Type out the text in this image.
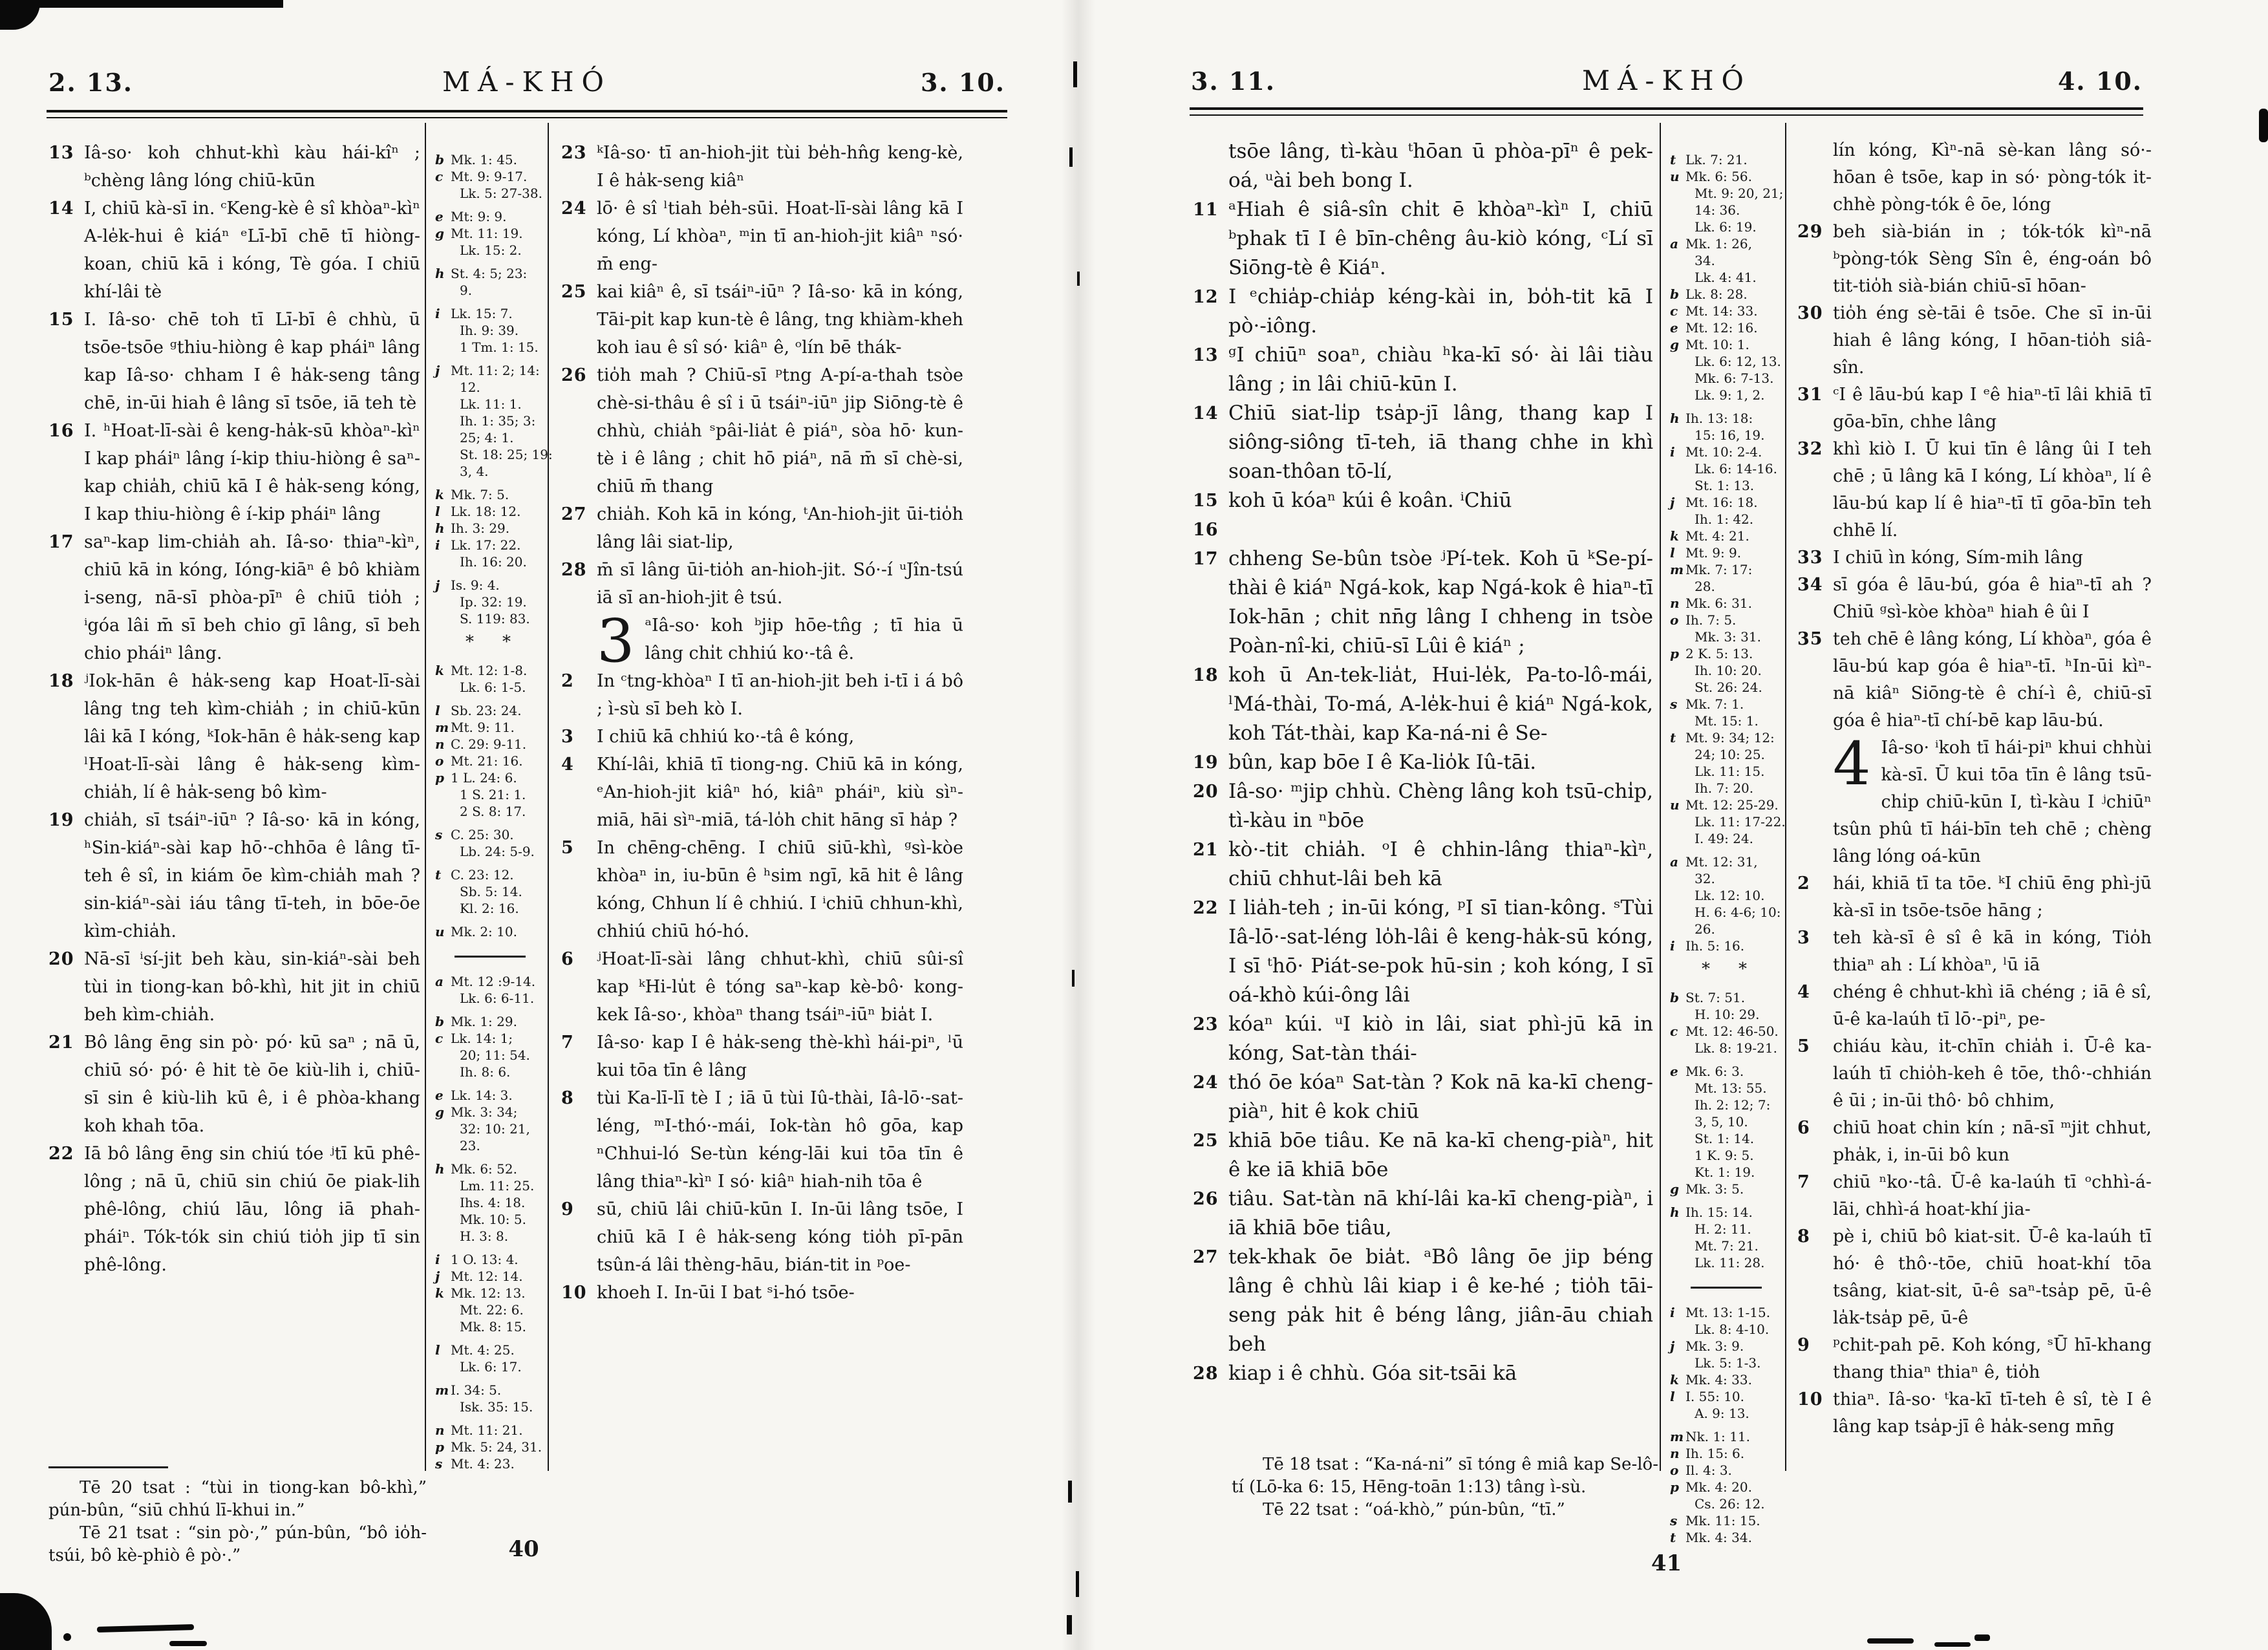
2. 13.	MÁ-KHÓ	3. 10.
13 Iâ-so· koh chhut-khì kàu hái-kîⁿ ; ᵇchèng lâng lóng chiū-kūn
14 I, chiū kà-sī in. ᶜKeng-kè ê sî khòaⁿ-kìⁿ A-le̍k-hui ê kiáⁿ ᵉLī-bī chē tī hiòng-koan, chiū kā i kóng, Tè góa. I chiū khí-lâi tè
15 I. Iâ-so· chē toh tī Lī-bī ê chhù, ū tsōe-tsōe ᵍthiu-hiòng ê kap pháiⁿ lâng kap Iâ-so· chham I ê ha̍k-seng tâng chē, in-ūi hiah ê lâng sī tsōe, iā teh tè
16 I. ʰHoat-lī-sài ê keng-ha̍k-sū khòaⁿ-kìⁿ I kap pháiⁿ lâng í-kip thiu-hiòng ê saⁿ-kap chia̍h, chiū kā I ê ha̍k-seng kóng, I kap thiu-hiòng ê í-kip pháiⁿ lâng
17 saⁿ-kap lim-chia̍h ah. Iâ-so· thiaⁿ-kìⁿ, chiū kā in kóng, Ióng-kiāⁿ ê bô khiàm i-seng, nā-sī phòa-pīⁿ ê chiū tio̍h ; ⁱgóa lâi m̄ sī beh chio gī lâng, sī beh chio pháiⁿ lâng.
18 ʲIok-hān ê ha̍k-seng kap Hoat-lī-sài lâng tng teh kìm-chia̍h ; in chiū-kūn lâi kā I kóng, ᵏIok-hān ê ha̍k-seng kap ˡHoat-lī-sài lâng ê ha̍k-seng kìm-chia̍h, lí ê ha̍k-seng bô kìm-
19 chia̍h, sī tsáiⁿ-iūⁿ ? Iâ-so· kā in kóng, ʰSin-kiáⁿ-sài kap hō·-chhōa ê lâng tī-teh ê sî, in kiám ōe kìm-chia̍h mah ? sin-kiáⁿ-sài iáu tâng tī-teh, in bōe-ōe kìm-chia̍h.
20 Nā-sī ⁱsí-jit beh kàu, sin-kiáⁿ-sài beh tùi in tiong-kan bô-khì, hit jit in chiū beh kìm-chia̍h.
21 Bô lâng ēng sin pò· pó· kū saⁿ ; nā ū, chiū só· pó· ê hit tè ōe kiù-lih i, chiū-sī sin ê kiù-lih kū ê, i ê phòa-khang koh khah tōa.
22 Iā bô lâng ēng sin chiú tóe ʲtī kū phê-lông ; nā ū, chiū sin chiú ōe piak-lih phê-lông, chiú lāu, lông iā phah-pháiⁿ. Tók-tók sin chiú tio̍h jip tī sin phê-lông.
b Mk. 1: 45.
c Mt. 9: 9-17.
Lk. 5: 27-38.
e Mt: 9: 9.
g Mt. 11: 19.
Lk. 15: 2.
h St. 4: 5; 23:
9.
i Lk. 15: 7.
Ih. 9: 39.
1 Tm. 1: 15.
j Mt. 11: 2; 14:
12.
Lk. 11: 1.
Ih. 1: 35; 3:
25; 4: 1.
St. 18: 25; 19:
3, 4.
k Mk. 7: 5.
l Lk. 18: 12.
h Ih. 3: 29.
i Lk. 17: 22.
Ih. 16: 20.
j Is. 9: 4.
Ip. 32: 19.
S. 119: 83.
*  *
k Mt. 12: 1-8.
Lk. 6: 1-5.
l Sb. 23: 24.
m Mt. 9: 11.
n C. 29: 9-11.
o Mt. 21: 16.
p 1 L. 24: 6.
1 S. 21: 1.
2 S. 8: 17.
s C. 25: 30.
Lb. 24: 5-9.
t C. 23: 12.
Sb. 5: 14.
Kl. 2: 16.
u Mk. 2: 10.
a Mt. 12 :9-14.
Lk. 6: 6-11.
b Mk. 1: 29.
c Lk. 14: 1;
20; 11: 54.
Ih. 8: 6.
e Lk. 14: 3.
g Mk. 3: 34;
32: 10: 21,
23.
h Mk. 6: 52.
Lm. 11: 25.
Ihs. 4: 18.
Mk. 10: 5.
H. 3: 8.
i 1 O. 13: 4.
j Mt. 12: 14.
k Mk. 12: 13.
Mt. 22: 6.
Mk. 8: 15.
l Mt. 4: 25.
Lk. 6: 17.
m I. 34: 5.
Isk. 35: 15.
n Mt. 11: 21.
p Mk. 5: 24, 31.
s Mt. 4: 23.
23 ᵏIâ-so· tī an-hioh-jit tùi be̍h-hn̂g keng-kè, I ê ha̍k-seng kiâⁿ
24 lō· ê sî ˡtiah be̍h-sūi. Hoat-lī-sài lâng kā I kóng, Lí khòaⁿ, ᵐin tī an-hioh-jit kiâⁿ ⁿsó· m̄ eng-
25 kai kiâⁿ ê, sī tsáiⁿ-iūⁿ ? Iâ-so· kā in kóng, Tāi-pi̍t kap kun-tè ê lâng, tng khiàm-kheh koh iau ê sî só· kiâⁿ ê, ᵒlín bē thák-
26 tio̍h mah ? Chiū-sī ᵖtng A-pí-a-thah tsòe chè-si-thâu ê sî i ū tsáiⁿ-iūⁿ jip Siōng-tè ê chhù, chia̍h ˢpâi-lia̍t ê piáⁿ, sòa hō· kun-tè i ê lâng ; chit hō piáⁿ, nā m̄ sī chè-si, chiū m̄ thang
27 chia̍h. Koh kā in kóng, ᵗAn-hioh-jit ūi-tio̍h lâng lâi siat-li̍p,
28 m̄ sī lâng ūi-tio̍h an-hioh-jit. Só·-í ᵘJîn-tsú iā sī an-hioh-jit ê tsú.
3 ᵃIâ-so· koh ᵇjip hōe-tn̂g ; tī hia ū lâng chi̍t chhiú ko·-tâ ê.
2	In ᶜtng-khòaⁿ I tī an-hioh-jit beh i-tī i á bô ; ì-sù sī beh kò I.
3	I chiū kā chhiú ko·-tâ ê kóng,
4	Khí-lâi, khiā tī tiong-ng. Chiū kā in kóng, ᵉAn-hioh-jit kiâⁿ hó, kiâⁿ pháiⁿ, kiù sìⁿ-miā, hāi sìⁿ-miā, tá-lo̍h chit hāng sī ha̍p ?
5	In chēng-chēng. I chiū siū-khì, ᵍsì-kòe khòaⁿ in, iu-būn ê ʰsim ngī, kā hit ê lâng kóng, Chhun lí ê chhiú. I ⁱchiū chhun-khì, chhiú chiū hó-hó.
6	ʲHoat-lī-sài lâng chhut-khì, chiū sûi-sî kap ᵏHi-lu̍t ê tóng saⁿ-kap kè-bô· kong-kek Iâ-so·, khòaⁿ thang tsáiⁿ-iūⁿ bia̍t I.
7	Iâ-so· kap I ê ha̍k-seng thè-khì hái-piⁿ, ˡū kui tōa tīn ê lâng
8	tùi Ka-lī-lī tè I ; iā ū tùi Iû-thài, Iâ-lō·-sat-léng, ᵐI-thó·-mái, Iok-tàn hô gōa, kap ⁿChhui-ló Se-tùn kéng-lāi kui tōa tīn ê lâng thiaⁿ-kìⁿ I só· kiâⁿ hiah-nih tōa ê
9	sū, chiū lâi chiū-kūn I. In-ūi lâng tsōe, I chiū kā I ê ha̍k-seng kóng tio̍h pī-pān tsûn-á lâi thèng-hāu, bián-tit in ᵖoe-
10 khoeh I. In-ūi I bat ˢi-hó tsōe-
Tē 20 tsat : “tùi in tiong-kan bô-khì,” pún-bûn, “siū chhú lī-khui in.”
Tē 21 tsat : “sin pò·,” pún-bûn, “bô io̍h-tsúi, bô kè-phiò ê pò·.”	40
3. 11.	MÁ-KHÓ	4. 10.
tsōe lâng, tì-kàu ᵗhōan ū phòa-pīⁿ ê pek-oá, ᵘài beh bong I.
11 ᵃHiah ê siâ-sîn chi̍t ē khòaⁿ-kìⁿ I, chiū ᵇphak tī I ê bīn-chêng âu-kiò kóng, ᶜLí sī Siōng-tè ê Kiáⁿ.
12 I ᵉchia̍p-chia̍p kéng-kài in, bo̍h-tit kā I pò·-iông.
13 ᵍI chiūⁿ soaⁿ, chiàu ʰka-kī só· ài lâi tiàu lâng ; in lâi chiū-kūn I.
14 Chiū siat-li̍p tsa̍p-jī lâng, thang kap I siông-siông tī-teh, iā thang chhe in khì soan-thôan tō-lí,
15 16
koh ū kóaⁿ kúi ê koân. ⁱChiū
17 chheng Se-bûn tsòe ʲPí-tek. Koh ū ᵏSe-pí-thài ê kiáⁿ Ngá-kok, kap Ngá-kok ê hiaⁿ-tī Iok-hān ; chit nn̄g lâng I chheng in tsòe Poàn-nî-ki, chiū-sī Lûi ê kiáⁿ ;
18 koh ū An-tek-lia̍t, Hui-le̍k, Pa-to-lô-mái, ˡMá-thài, To-má, A-le̍k-hui ê kiáⁿ Ngá-kok, koh Tát-thài, kap Ka-ná-ni ê Se-
19 bûn, kap bōe I ê Ka-lio̍k Iû-tāi.
20 Iâ-so· ᵐjip chhù. Chèng lâng koh tsū-chi̍p, tì-kàu in ⁿbōe
21 kò·-tit chia̍h. ᵒI ê chhin-lâng thiaⁿ-kìⁿ, chiū chhut-lâi beh kā
22 I lia̍h-teh ; in-ūi kóng, ᵖI sī tian-kông. ˢTùi Iâ-lō·-sat-léng lo̍h-lâi ê keng-ha̍k-sū kóng, I sī ᵗhō· Piát-se-pok hū-sin ; koh kóng, I sī oá-khò kúi-ông lâi
23 kóaⁿ kúi. ᵘI kiò in lâi, siat phì-jū kā in kóng, Sat-tàn thái-
24 thó ōe kóaⁿ Sat-tàn ? Kok nā ka-kī cheng-piàⁿ, hit ê kok chiū
25 khiā bōe tiâu. Ke nā ka-kī cheng-piàⁿ, hit ê ke iā khiā bōe
26 tiâu. Sat-tàn nā khí-lâi ka-kī cheng-piàⁿ, i iā khiā bōe tiâu,
27 tek-khak ōe bia̍t. ᵃBô lâng ōe jip béng lâng ê chhù lâi kiap i ê ke-hé ; tio̍h tāi-seng pa̍k hit ê béng lâng, jiân-āu chiah beh
28 kiap i ê chhù. Góa sit-tsāi kā
t Lk. 7: 21.
u Mk. 6: 56.
Mt. 9: 20, 21;
14: 36.
Lk. 6: 19.
a Mk. 1: 26,
34.
Lk. 4: 41.
b Lk. 8: 28.
c Mt. 14: 33.
e Mt. 12: 16.
g Mt. 10: 1.
Lk. 6: 12, 13.
Mk. 6: 7-13.
Lk. 9: 1, 2.
h Ih. 13: 18:
15: 16, 19.
i Mt. 10: 2-4.
Lk. 6: 14-16.
St. 1: 13.
j Mt. 16: 18.
Ih. 1: 42.
k Mt. 4: 21.
l Mt. 9: 9.
m Mk. 7: 17:
28.
n Mk. 6: 31.
o Ih. 7: 5.
Mk. 3: 31.
p 2 K. 5: 13.
Ih. 10: 20.
St. 26: 24.
s Mk. 7: 1.
Mt. 15: 1.
t Mt. 9: 34; 12:
24; 10: 25.
Lk. 11: 15.
Ih. 7: 20.
u Mt. 12: 25-29.
Lk. 11: 17-22.
I. 49: 24.
a Mt. 12: 31,
32.
Lk. 12: 10.
H. 6: 4-6; 10:
26.
i Ih. 5: 16.
*  *
b St. 7: 51.
H. 10: 29.
c Mt. 12: 46-50.
Lk. 8: 19-21.
e Mk. 6: 3.
Mt. 13: 55.
Ih. 2: 12; 7:
3, 5, 10.
St. 1: 14.
1 K. 9: 5.
Kt. 1: 19.
g Mk. 3: 5.
h Ih. 15: 14.
H. 2: 11.
Mt. 7: 21.
Lk. 11: 28.
i Mt. 13: 1-15.
Lk. 8: 4-10.
j Mk. 3: 9.
Lk. 5: 1-3.
k Mk. 4: 33.
l I. 55: 10.
A. 9: 13.
m Nk. 1: 11.
n Ih. 15: 6.
o Il. 4: 3.
p Mk. 4: 20.
Cs. 26: 12.
s Mk. 11: 15.
t Mk. 4: 34.
lín kóng, Kìⁿ-nā sè-kan lâng só·-hōan ê tsōe, kap in só· pòng-tók it-chhè pòng-tók ê ōe, lóng
29 beh sià-bián in ; tók-tók kìⁿ-nā ᵇpòng-tók Sèng Sîn ê, éng-oán bô tit-tio̍h sià-bián chiū-sī hōan-
30 tio̍h éng sè-tāi ê tsōe. Che sī in-ūi hiah ê lâng kóng, I hōan-tio̍h siâ-sîn.
31 ᶜI ê lāu-bú kap I ᵉê hiaⁿ-tī lâi khiā tī gōa-bīn, chhe lâng
32 khì kiò I. Ū kui tīn ê lâng ûi I teh chē ; ū lâng kā I kóng, Lí khòaⁿ, lí ê lāu-bú kap lí ê hiaⁿ-tī tī gōa-bīn teh chhē lí.
33 I chiū ìn kóng, Sím-mih lâng
34 sī góa ê lāu-bú, góa ê hiaⁿ-tī ah ? Chiū ᵍsì-kòe khòaⁿ hiah ê ûi I
35 teh chē ê lâng kóng, Lí khòaⁿ, góa ê lāu-bú kap góa ê hiaⁿ-tī. ʰIn-ūi kìⁿ-nā kiâⁿ Siōng-tè ê chí-ì ê, chiū-sī góa ê hiaⁿ-tī chí-bē kap lāu-bú.
4 Iâ-so· ⁱkoh tī hái-piⁿ khui chhùi kà-sī. Ū kui tōa tīn ê lâng tsū-chi̍p chiū-kūn I, tì-kàu I ʲchiūⁿ tsûn phû tī hái-bīn teh chē ; chèng lâng lóng oá-kūn
2	hái, khiā tī ta tōe. ᵏI chiū ēng phì-jū kà-sī in tsōe-tsōe hāng ;
3	teh kà-sī ê sî ê kā in kóng, Tio̍h thiaⁿ ah : Lí khòaⁿ, ˡū iā
4	chéng ê chhut-khì iā chéng ; iā ê sî, ū-ê ka-laúh tī lō·-piⁿ, pe-
5	chiáu kàu, it-chīn chia̍h i. Ū-ê ka-laúh tī chio̍h-keh ê tōe, thô·-chhián ê ūi ; in-ūi thô· bô chhim,
6	chiū hoat chin kín ; nā-sī ᵐjit chhut, pha̍k, i, in-ūi bô kun
7	chiū ⁿko·-tâ. Ū-ê ka-laúh tī ᵒchhì-á-lāi, chhì-á hoat-khí jia-
8	pè i, chiū bô kiat-sit. Ū-ê ka-laúh tī hó· ê thô·-tōe, chiū hoat-khí tōa tsâng, kiat-si̍t, ū-ê saⁿ-tsa̍p pē, ū-ê la̍k-tsa̍p pē, ū-ê
9	ᵖchit-pah pē. Koh kóng, ˢŪ hī-khang thang thiaⁿ thiaⁿ ê, tio̍h
10 thiaⁿ. Iâ-so· ᵗka-kī tī-teh ê sî, tè I ê lâng kap tsa̍p-jī ê ha̍k-seng mn̄g
Tē 18 tsat : “Ka-ná-ni” sī tóng ê miâ kap Se-lô-tí (Lō-ka 6: 15, Hēng-toān 1:13) tâng ì-sù.
Tē 22 tsat : “oá-khò,” pún-bûn, “tī.”
41
